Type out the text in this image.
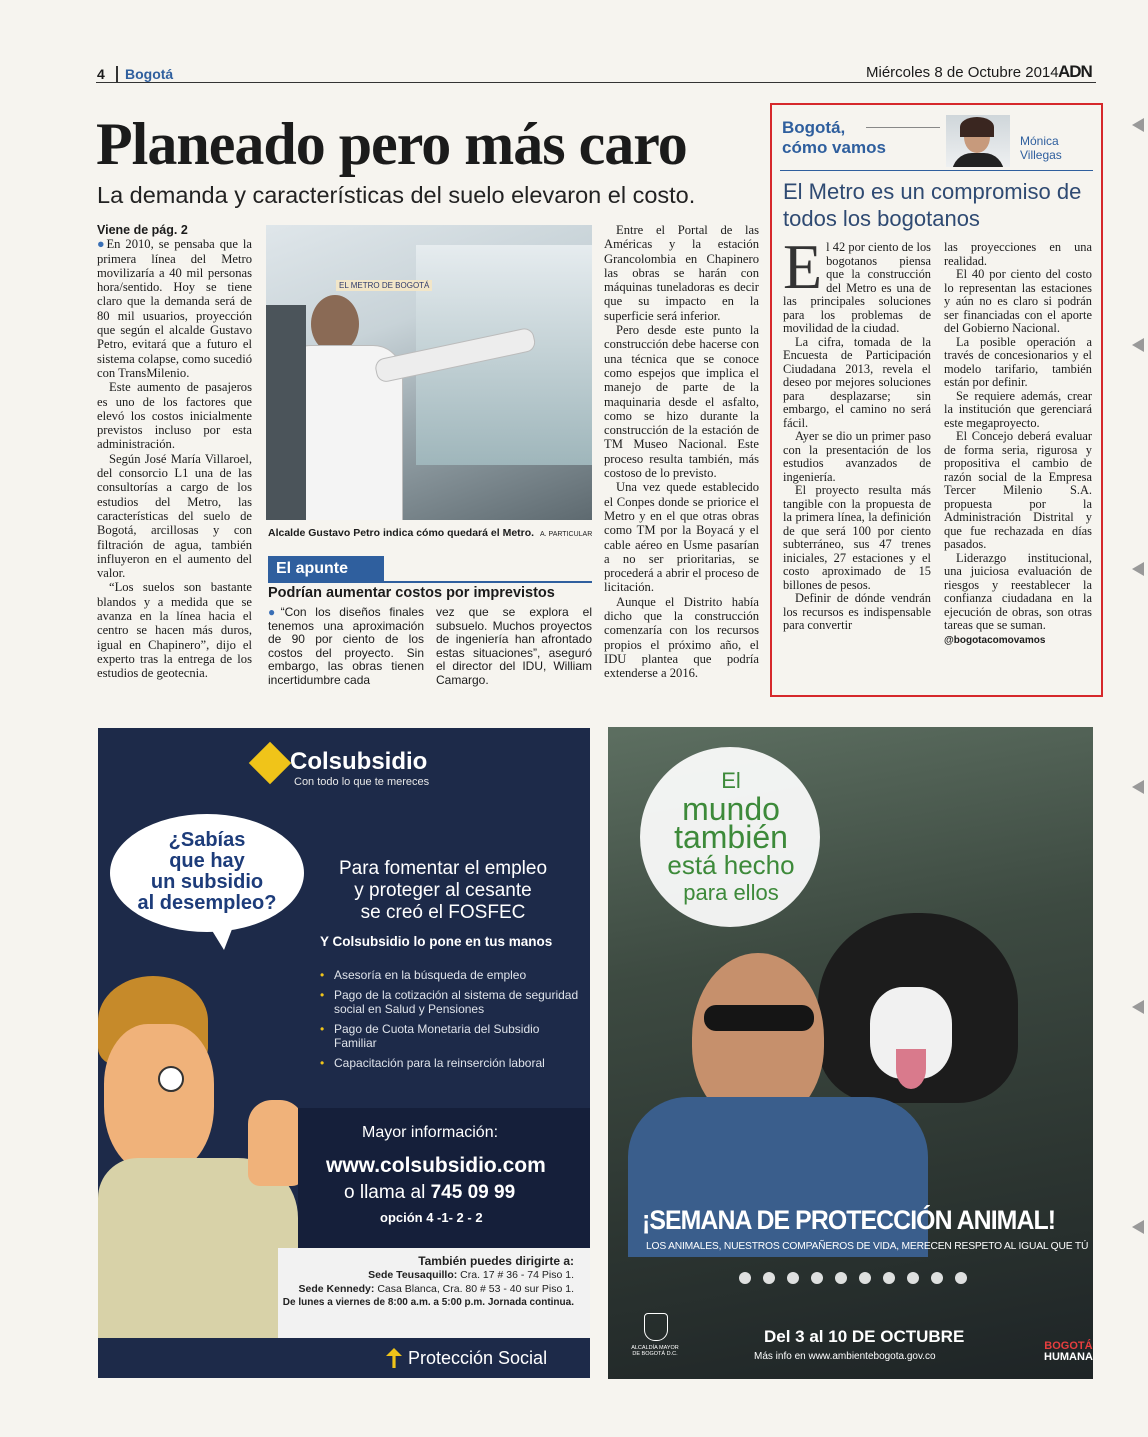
4 Bogotá	Miércoles 8 de Octubre 2014 ADN
Planeado pero más caro
La demanda y características del suelo elevaron el costo.
Viene de pág. 2

●En 2010, se pensaba que la primera línea del Metro movilizaría a 40 mil personas hora/sentido. Hoy se tiene claro que la demanda será de 80 mil usuarios, proyección que según el alcalde Gustavo Petro, evitará que a futuro el sistema colapse, como sucedió con TransMilenio.

Este aumento de pasajeros es uno de los factores que elevó los costos inicialmente previstos incluso por esta administración.

Según José María Villaroel, del consorcio L1 una de las consultorías a cargo de los estudios del Metro, las características del suelo de Bogotá, arcillosas y con filtración de agua, también influyeron en el aumento del valor.

“Los suelos son bastante blandos y a medida que se avanza en la línea hacia el centro se hacen más duros, igual en Chapinero”, dijo el experto tras la entrega de los estudios de geotecnia.

EL METRO DE BOGOTÁ
Alcalde Gustavo Petro indica cómo quedará el Metro. A. PARTICULAR
El apunte
Podrían aumentar costos por imprevistos

●“Con los diseños finales tenemos una aproximación de 90 por ciento de los costos del proyecto. Sin embargo, las obras tienen incertidumbre cada

vez que se explora el subsuelo. Muchos proyectos de ingeniería han afrontado estas situaciones”, aseguró el director del IDU, William Camargo.

Entre el Portal de las Américas y la estación Grancolombia en Chapinero las obras se harán con máquinas tuneladoras es decir que su impacto en la superficie será inferior.

Pero desde este punto la construcción debe hacerse con una técnica que se conoce como espejos que implica el manejo de parte de la maquinaria desde el asfalto, como se hizo durante la construcción de la estación de TM Museo Nacional. Este proceso resulta también, más costoso de lo previsto.

Una vez quede establecido el Conpes donde se priorice el Metro y en el que otras obras como TM por la Boyacá y el cable aéreo en Usme pasarían a no ser prioritarias, se procederá a abrir el proceso de licitación.

Aunque el Distrito había dicho que la construcción comenzaría con los recursos propios el próximo año, el IDU plantea que podría extenderse a 2016.

Bogotá,
cómo vamos	Mónica
Villegas
El Metro es un compromiso de todos los bogotanos

El 42 por ciento de los bogotanos piensa que la construcción del Metro es una de las principales soluciones para los problemas de movilidad de la ciudad.

La cifra, tomada de la Encuesta de Participación Ciudadana 2013, revela el deseo por mejores soluciones para desplazarse; sin embargo, el camino no será fácil.

Ayer se dio un primer paso con la presentación de los estudios avanzados de ingeniería.

El proyecto resulta más tangible con la propuesta de la primera línea, la definición de que será 100 por ciento subterráneo, sus 47 trenes iniciales, 27 estaciones y el costo aproximado de 15 billones de pesos.

Definir de dónde vendrán los recursos es indispensable para convertir

las proyecciones en una realidad.

El 40 por ciento del costo lo representan las estaciones y aún no es claro si podrán ser financiadas con el aporte del Gobierno Nacional.

La posible operación a través de concesionarios y el modelo tarifario, también están por definir.

Se requiere además, crear la institución que gerenciará este megaproyecto.

El Concejo deberá evaluar de forma seria, rigurosa y propositiva el cambio de razón social de la Empresa Tercer Milenio S.A. propuesta por la Administración Distrital y que fue rechazada en días pasados.

Liderazgo institucional, una juiciosa evaluación de riesgos y reestablecer la confianza ciudadana en la ejecución de obras, son otras tareas que se suman.

@bogotacomovamos
Colsubsidio
Con todo lo que te mereces
¿Sabías
que hay
un subsidio
al desempleo?
Para fomentar el empleo
y proteger al cesante
se creó el FOSFEC
Y Colsubsidio lo pone en tus manos
• Asesoría en la búsqueda de empleo
• Pago de la cotización al sistema de seguridad social en Salud y Pensiones
• Pago de Cuota Monetaria del Subsidio Familiar
• Capacitación para la reinserción laboral
Mayor información:
www.colsubsidio.com
o llama al 745 09 99
opción 4 -1- 2 - 2
También puedes dirigirte a:
Sede Teusaquillo: Cra. 17 # 36 - 74 Piso 1.
Sede Kennedy: Casa Blanca, Cra. 80 # 53 - 40 sur Piso 1.
De lunes a viernes de 8:00 a.m. a 5:00 p.m. Jornada continua.
Protección Social
El
mundo
también
está hecho
para ellos
¡SEMANA DE PROTECCIÓN ANIMAL!
LOS ANIMALES, NUESTROS COMPAÑEROS DE VIDA, MERECEN RESPETO AL IGUAL QUE TÚ

ALCALDÍA MAYOR DE BOGOTÁ D.C.
Del 3 al 10 DE OCTUBRE
Más info en www.ambientebogota.gov.co
BOGOTÁ
HUMANA
